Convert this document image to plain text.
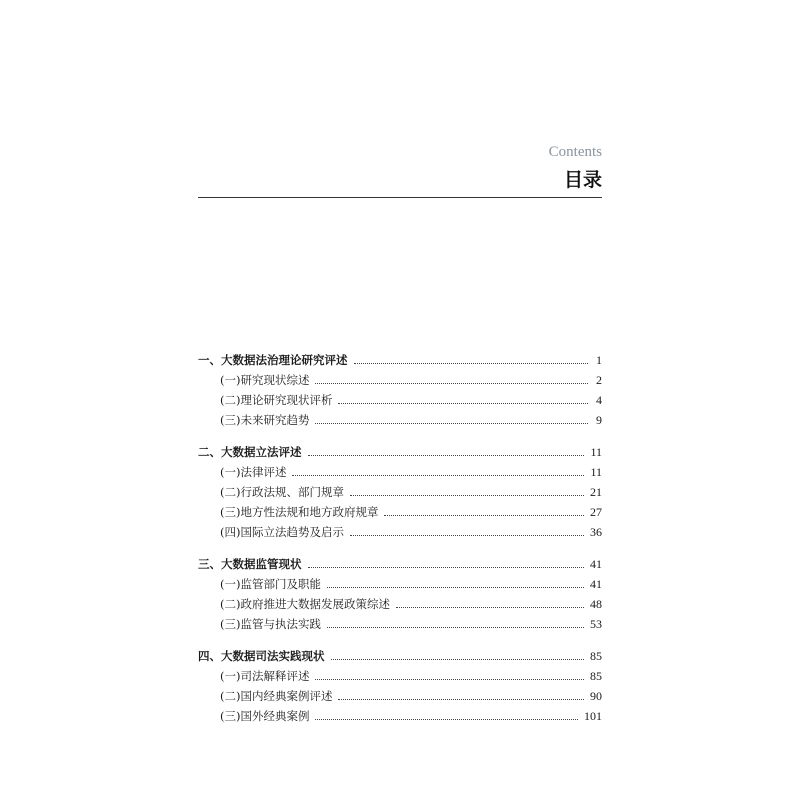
Contents
目录
一、大数据法治理论研究评述	1
(一)研究现状综述	2
(二)理论研究现状评析	4
(三)未来研究趋势	9
二、大数据立法评述	11
(一)法律评述	11
(二)行政法规、部门规章	21
(三)地方性法规和地方政府规章	27
(四)国际立法趋势及启示	36
三、大数据监管现状	41
(一)监管部门及职能	41
(二)政府推进大数据发展政策综述	48
(三)监管与执法实践	53
四、大数据司法实践现状	85
(一)司法解释评述	85
(二)国内经典案例评述	90
(三)国外经典案例	101
